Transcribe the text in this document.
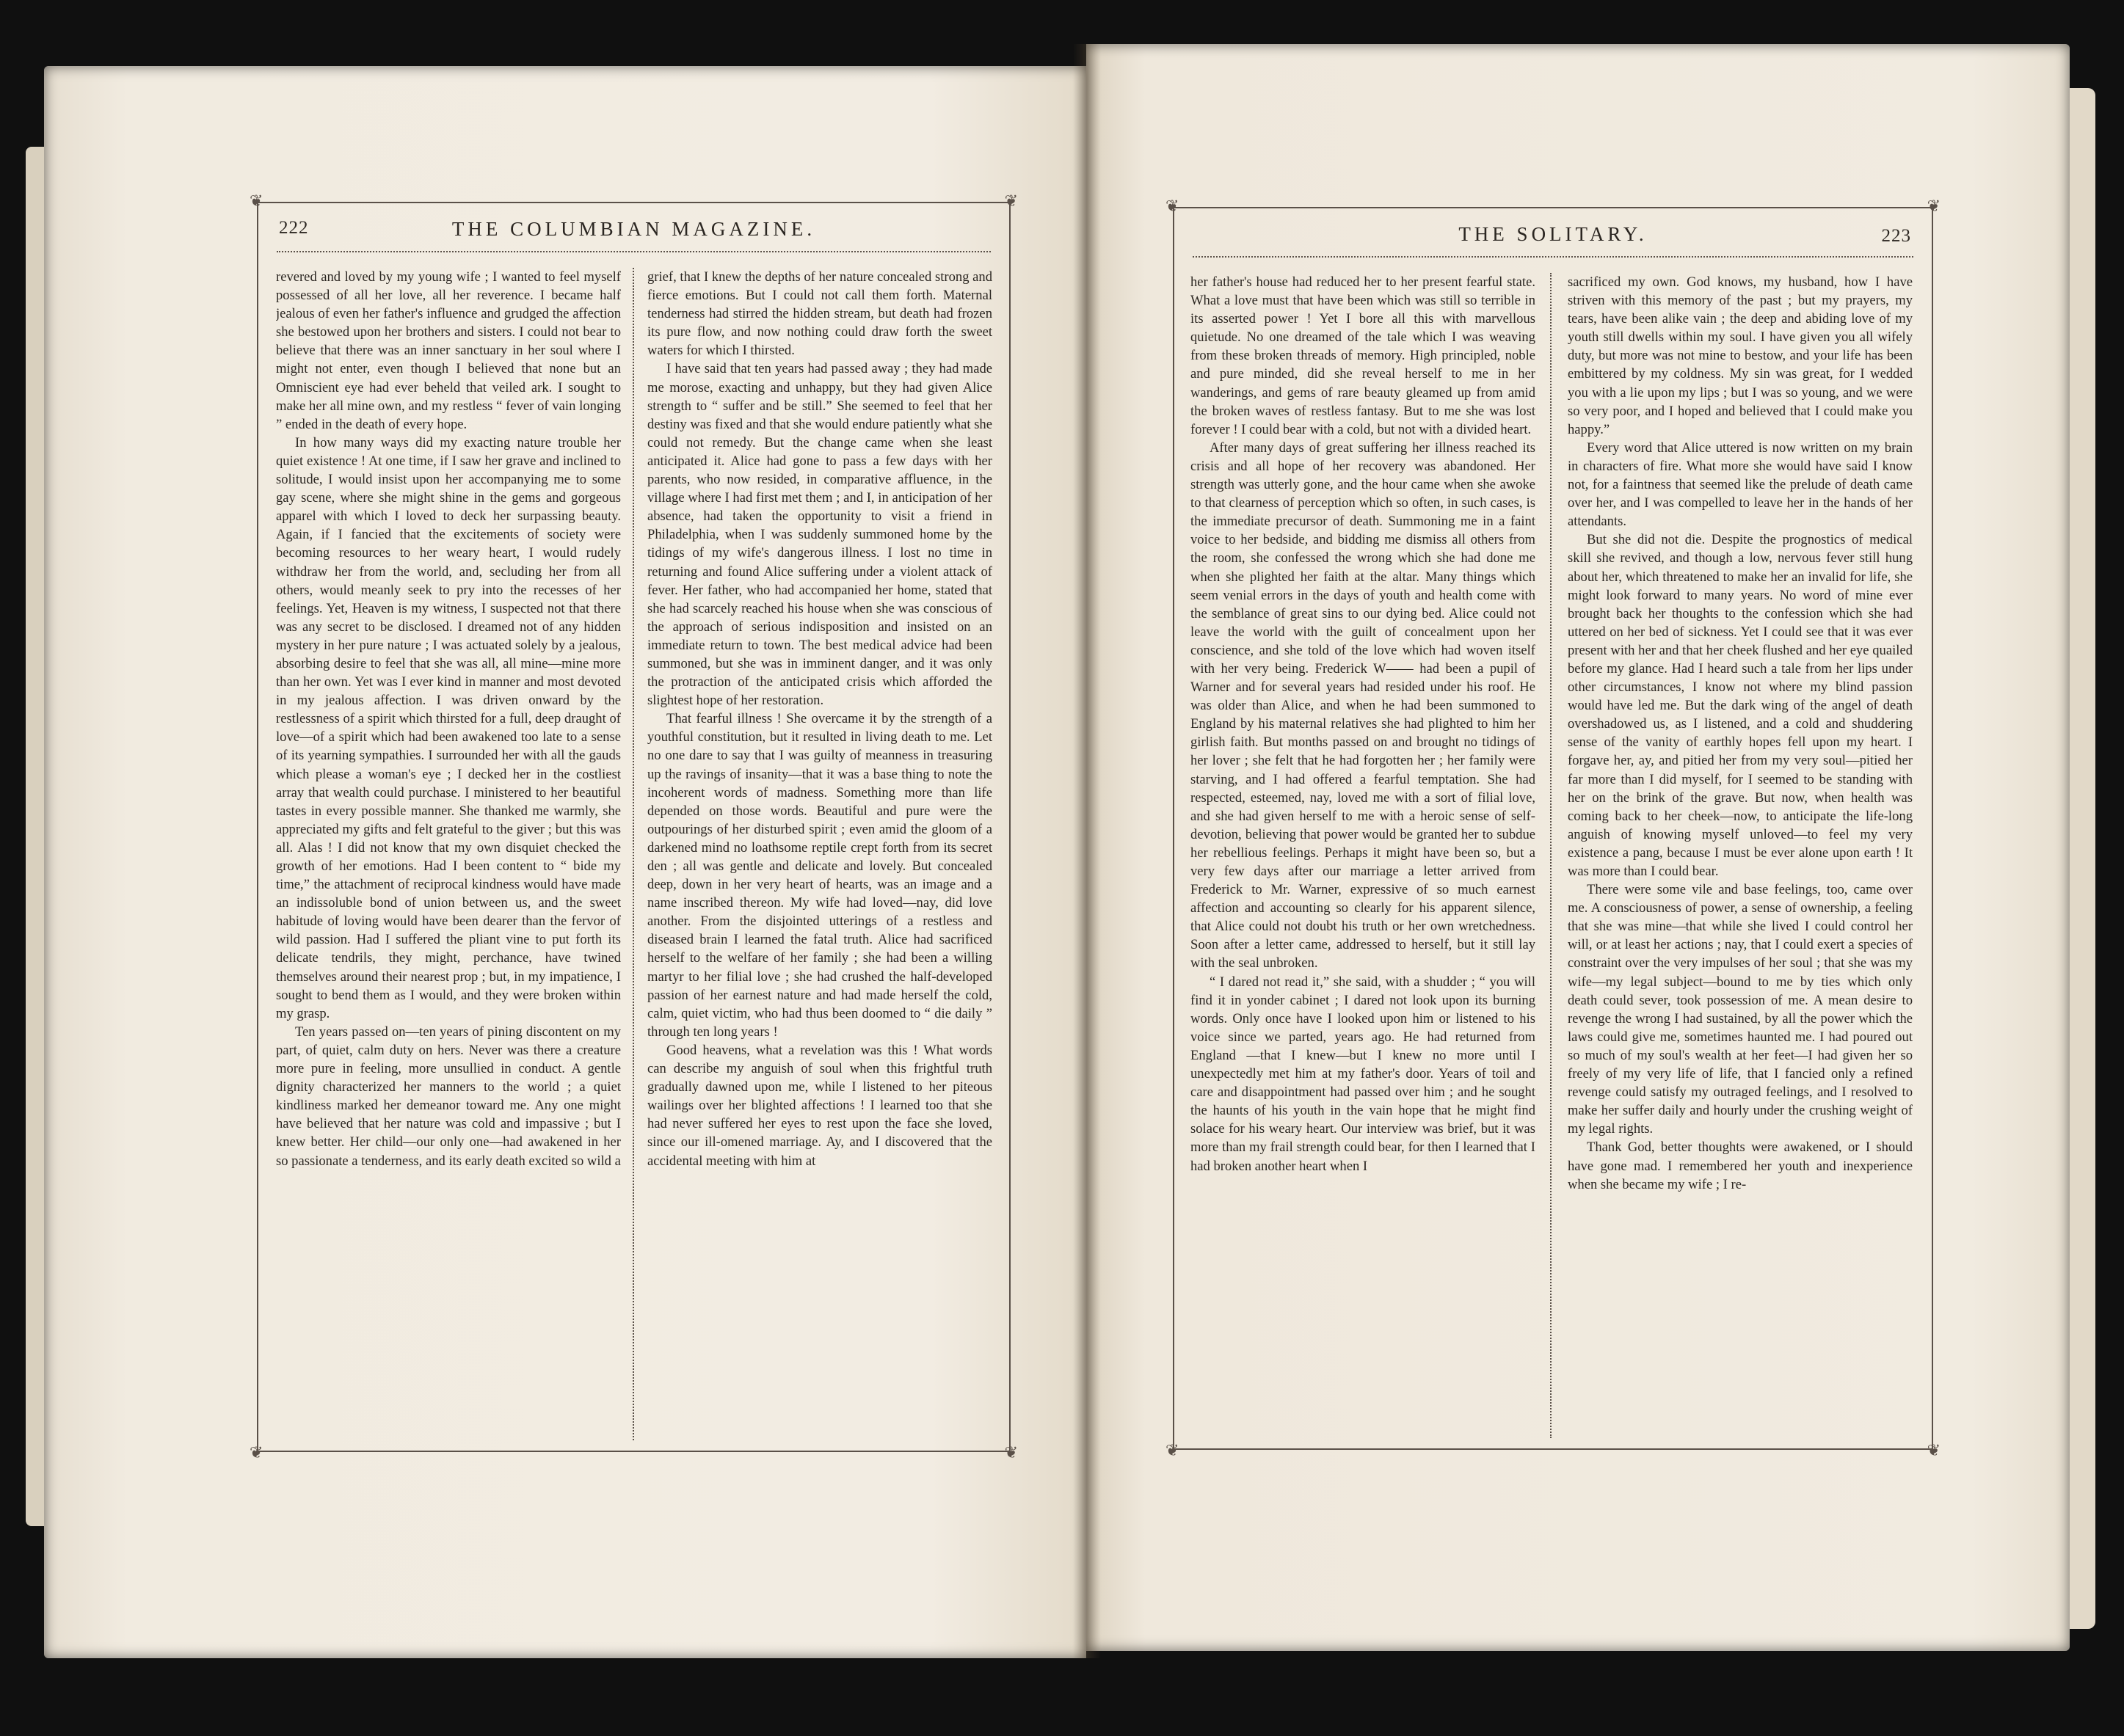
❦	❦
❦	❦
222	THE COLUMBIAN MAGAZINE.

revered and loved by my young wife ; I wanted to feel myself possessed of all her love, all her reverence. I became half jealous of even her father's influence and grudged the affection she bestowed upon her brothers and sisters. I could not bear to believe that there was an inner sanctuary in her soul where I might not enter, even though I believed that none but an Omniscient eye had ever beheld that veiled ark. I sought to make her all mine own, and my restless “ fever of vain longing ” ended in the death of every hope.

In how many ways did my exacting nature trouble her quiet existence ! At one time, if I saw her grave and inclined to solitude, I would insist upon her accompanying me to some gay scene, where she might shine in the gems and gorgeous apparel with which I loved to deck her surpassing beauty. Again, if I fancied that the excitements of society were becoming resources to her weary heart, I would rudely withdraw her from the world, and, secluding her from all others, would meanly seek to pry into the recesses of her feelings. Yet, Heaven is my witness, I suspected not that there was any secret to be disclosed. I dreamed not of any hidden mystery in her pure nature ; I was actuated solely by a jealous, absorbing desire to feel that she was all, all mine—mine more than her own. Yet was I ever kind in manner and most devoted in my jealous affection. I was driven onward by the restlessness of a spirit which thirsted for a full, deep draught of love—of a spirit which had been awakened too late to a sense of its yearning sympathies. I surrounded her with all the gauds which please a woman's eye ; I decked her in the costliest array that wealth could purchase. I ministered to her beautiful tastes in every possible manner. She thanked me warmly, she appreciated my gifts and felt grateful to the giver ; but this was all. Alas ! I did not know that my own disquiet checked the growth of her emotions. Had I been content to “ bide my time,” the attachment of reciprocal kindness would have made an indissoluble bond of union between us, and the sweet habitude of loving would have been dearer than the fervor of wild passion. Had I suffered the pliant vine to put forth its delicate tendrils, they might, perchance, have twined themselves around their nearest prop ; but, in my impatience, I sought to bend them as I would, and they were broken within my grasp.

Ten years passed on—ten years of pining discontent on my part, of quiet, calm duty on hers. Never was there a creature more pure in feeling, more unsullied in conduct. A gentle dignity characterized her manners to the world ; a quiet kindliness marked her demeanor toward me. Any one might have believed that her nature was cold and impassive ; but I knew better. Her child—our only one—had awakened in her so passionate a tenderness, and its early death excited so wild a

grief, that I knew the depths of her nature concealed strong and fierce emotions. But I could not call them forth. Maternal tenderness had stirred the hidden stream, but death had frozen its pure flow, and now nothing could draw forth the sweet waters for which I thirsted.

I have said that ten years had passed away ; they had made me morose, exacting and unhappy, but they had given Alice strength to “ suffer and be still.” She seemed to feel that her destiny was fixed and that she would endure patiently what she could not remedy. But the change came when she least anticipated it. Alice had gone to pass a few days with her parents, who now resided, in comparative affluence, in the village where I had first met them ; and I, in anticipation of her absence, had taken the opportunity to visit a friend in Philadelphia, when I was suddenly summoned home by the tidings of my wife's dangerous illness. I lost no time in returning and found Alice suffering under a violent attack of fever. Her father, who had accompanied her home, stated that she had scarcely reached his house when she was conscious of the approach of serious indisposition and insisted on an immediate return to town. The best medical advice had been summoned, but she was in imminent danger, and it was only the protraction of the anticipated crisis which afforded the slightest hope of her restoration.

That fearful illness ! She overcame it by the strength of a youthful constitution, but it resulted in living death to me. Let no one dare to say that I was guilty of meanness in treasuring up the ravings of insanity—that it was a base thing to note the incoherent words of madness. Something more than life depended on those words. Beautiful and pure were the outpourings of her disturbed spirit ; even amid the gloom of a darkened mind no loathsome reptile crept forth from its secret den ; all was gentle and delicate and lovely. But concealed deep, down in her very heart of hearts, was an image and a name inscribed thereon. My wife had loved—nay, did love another. From the disjointed utterings of a restless and diseased brain I learned the fatal truth. Alice had sacrificed herself to the welfare of her family ; she had been a willing martyr to her filial love ; she had crushed the half-developed passion of her earnest nature and had made herself the cold, calm, quiet victim, who had thus been doomed to “ die daily ” through ten long years !

Good heavens, what a revelation was this ! What words can describe my anguish of soul when this frightful truth gradually dawned upon me, while I listened to her piteous wailings over her blighted affections ! I learned too that she had never suffered her eyes to rest upon the face she loved, since our ill-omened marriage. Ay, and I discovered that the accidental meeting with him at

❦	❦
❦	❦
THE SOLITARY.	223

her father's house had reduced her to her present fearful state. What a love must that have been which was still so terrible in its asserted power ! Yet I bore all this with marvellous quietude. No one dreamed of the tale which I was weaving from these broken threads of memory. High principled, noble and pure minded, did she reveal herself to me in her wanderings, and gems of rare beauty gleamed up from amid the broken waves of restless fantasy. But to me she was lost forever ! I could bear with a cold, but not with a divided heart.

After many days of great suffering her illness reached its crisis and all hope of her recovery was abandoned. Her strength was utterly gone, and the hour came when she awoke to that clearness of perception which so often, in such cases, is the immediate precursor of death. Summoning me in a faint voice to her bedside, and bidding me dismiss all others from the room, she confessed the wrong which she had done me when she plighted her faith at the altar. Many things which seem venial errors in the days of youth and health come with the semblance of great sins to our dying bed. Alice could not leave the world with the guilt of concealment upon her conscience, and she told of the love which had woven itself with her very being. Frederick W—— had been a pupil of Warner and for several years had resided under his roof. He was older than Alice, and when he had been summoned to England by his maternal relatives she had plighted to him her girlish faith. But months passed on and brought no tidings of her lover ; she felt that he had forgotten her ; her family were starving, and I had offered a fearful temptation. She had respected, esteemed, nay, loved me with a sort of filial love, and she had given herself to me with a heroic sense of self-devotion, believing that power would be granted her to subdue her rebellious feelings. Perhaps it might have been so, but a very few days after our marriage a letter arrived from Frederick to Mr. Warner, expressive of so much earnest affection and accounting so clearly for his apparent silence, that Alice could not doubt his truth or her own wretchedness. Soon after a letter came, addressed to herself, but it still lay with the seal unbroken.

“ I dared not read it,” she said, with a shudder ; “ you will find it in yonder cabinet ; I dared not look upon its burning words. Only once have I looked upon him or listened to his voice since we parted, years ago. He had returned from England —that I knew—but I knew no more until I unexpectedly met him at my father's door. Years of toil and care and disappointment had passed over him ; and he sought the haunts of his youth in the vain hope that he might find solace for his weary heart. Our interview was brief, but it was more than my frail strength could bear, for then I learned that I had broken another heart when I

sacrificed my own. God knows, my husband, how I have striven with this memory of the past ; but my prayers, my tears, have been alike vain ; the deep and abiding love of my youth still dwells within my soul. I have given you all wifely duty, but more was not mine to bestow, and your life has been embittered by my coldness. My sin was great, for I wedded you with a lie upon my lips ; but I was so young, and we were so very poor, and I hoped and believed that I could make you happy.”

Every word that Alice uttered is now written on my brain in characters of fire. What more she would have said I know not, for a faintness that seemed like the prelude of death came over her, and I was compelled to leave her in the hands of her attendants.

But she did not die. Despite the prognostics of medical skill she revived, and though a low, nervous fever still hung about her, which threatened to make her an invalid for life, she might look forward to many years. No word of mine ever brought back her thoughts to the confession which she had uttered on her bed of sickness. Yet I could see that it was ever present with her and that her cheek flushed and her eye quailed before my glance. Had I heard such a tale from her lips under other circumstances, I know not where my blind passion would have led me. But the dark wing of the angel of death overshadowed us, as I listened, and a cold and shuddering sense of the vanity of earthly hopes fell upon my heart. I forgave her, ay, and pitied her from my very soul—pitied her far more than I did myself, for I seemed to be standing with her on the brink of the grave. But now, when health was coming back to her cheek—now, to anticipate the life-long anguish of knowing myself unloved—to feel my very existence a pang, because I must be ever alone upon earth ! It was more than I could bear.

There were some vile and base feelings, too, came over me. A consciousness of power, a sense of ownership, a feeling that she was mine—that while she lived I could control her will, or at least her actions ; nay, that I could exert a species of constraint over the very impulses of her soul ; that she was my wife—my legal subject—bound to me by ties which only death could sever, took possession of me. A mean desire to revenge the wrong I had sustained, by all the power which the laws could give me, sometimes haunted me. I had poured out so much of my soul's wealth at her feet—I had given her so freely of my very life of life, that I fancied only a refined revenge could satisfy my outraged feelings, and I resolved to make her suffer daily and hourly under the crushing weight of my legal rights.

Thank God, better thoughts were awakened, or I should have gone mad. I remembered her youth and inexperience when she became my wife ; I re-
